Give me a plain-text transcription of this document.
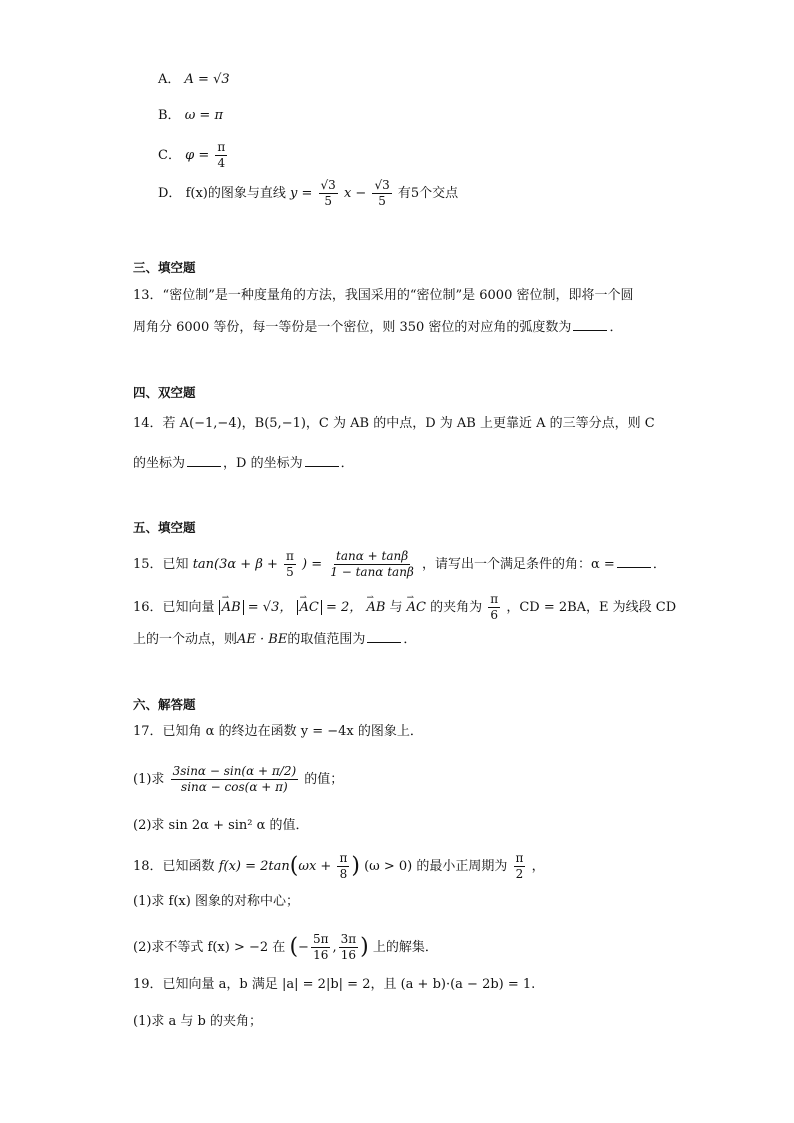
A． A = √3
B． ω = π
C． $\varphi = \frac{\pi}{4}$
D． f(x)的图象与直线 $y = \frac{√3}{5}$ $x - \frac{√3}{5}$ 有5个交点
三、填空题
13．“密位制”是一种度量角的方法，我国采用的“密位制”是 6000 密位制，即将一个圆
周角分 6000 等份，每一等份是一个密位，则 350 密位的对应角的弧度数为	．
四、双空题
14．若 A(−1,−4)，B(5,−1)，C 为 AB 的中点，D 为 AB 上更靠近 A 的三等分点，则 C
的坐标为	，D 的坐标为	．
五、填空题
15．已知 $\tan(3\alpha + \beta + \frac{\pi}{5}$ ) = $\frac{\tan\alpha + \tan\beta}{\text{1 − tanα tanβ}}$ ，请写出一个满足条件的角：α =	．
16．已知向量 ⇀ AB = √3， ⇀ AC = 2， ⇀ AB 与 ⇀ AC 的夹角为 $\frac{\pi}{6}$ ，CD = 2BA，E 为线段 CD
上的一个动点，则AE · BE的取值范围为	．
六、解答题
17．已知角 α 的终边在函数 y = −4x 的图象上．
(1)求 $\frac{3\sin\alpha - \sin(\alpha + \pi/2)}{\sin\alpha - \cos(\alpha + \pi)}$ 的值；
(2)求 sin 2α + sin² α 的值．
18．已知函数 $f(x) = 2\tan(\omega x + \frac{\pi}{8}$ ) (ω > 0) 的最小正周期为 $\frac{\pi}{2}$ ，
(1)求 f(x) 图象的对称中心；
(2)求不等式 f(x) > −2 在 (− $\frac{5\pi}{16}$ , $\frac{3\pi}{16}$ ) 上的解集．
19．已知向量 a，b 满足 |a| = 2|b| = 2，且 (a + b)·(a − 2b) = 1.
(1)求 a 与 b 的夹角；
